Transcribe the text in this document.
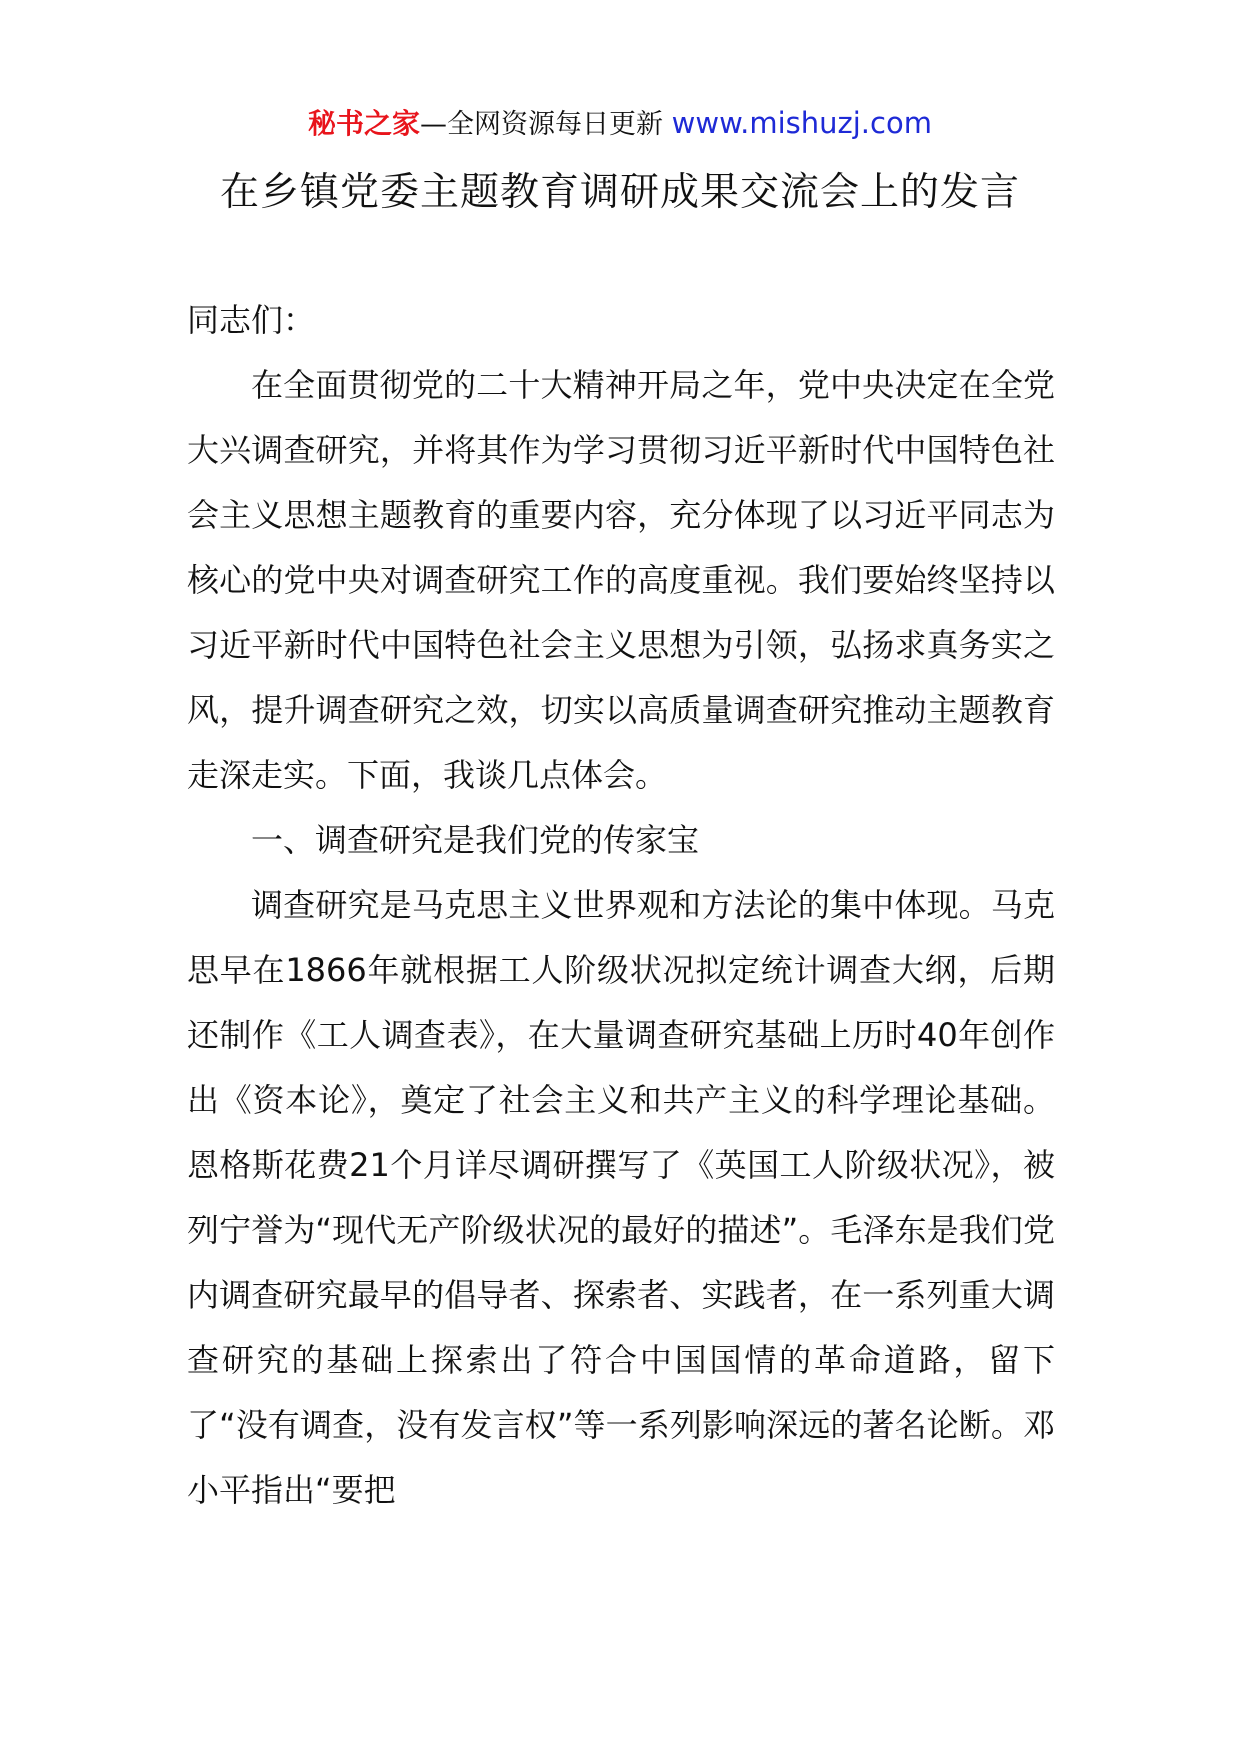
秘书之家—全网资源每日更新 www.mishuzj.com
在乡镇党委主题教育调研成果交流会上的发言

同志们：

在全面贯彻党的二十大精神开局之年，党中央决定在全党大兴调查研究，并将其作为学习贯彻习近平新时代中国特色社会主义思想主题教育的重要内容，充分体现了以习近平同志为核心的党中央对调查研究工作的高度重视。我们要始终坚持以习近平新时代中国特色社会主义思想为引领，弘扬求真务实之风，提升调查研究之效，切实以高质量调查研究推动主题教育走深走实。下面，我谈几点体会。

一、调查研究是我们党的传家宝

调查研究是马克思主义世界观和方法论的集中体现。马克思早在1866年就根据工人阶级状况拟定统计调查大纲，后期还制作《工人调查表》，在大量调查研究基础上历时40年创作出《资本论》，奠定了社会主义和共产主义的科学理论基础。恩格斯花费21个月详尽调研撰写了《英国工人阶级状况》，被列宁誉为“现代无产阶级状况的最好的描述”。毛泽东是我们党内调查研究最早的倡导者、探索者、实践者，在一系列重大调查研究的基础上探索出了符合中国国情的革命道路，留下了“没有调查，没有发言权”等一系列影响深远的著名论断。邓小平指出“要把
